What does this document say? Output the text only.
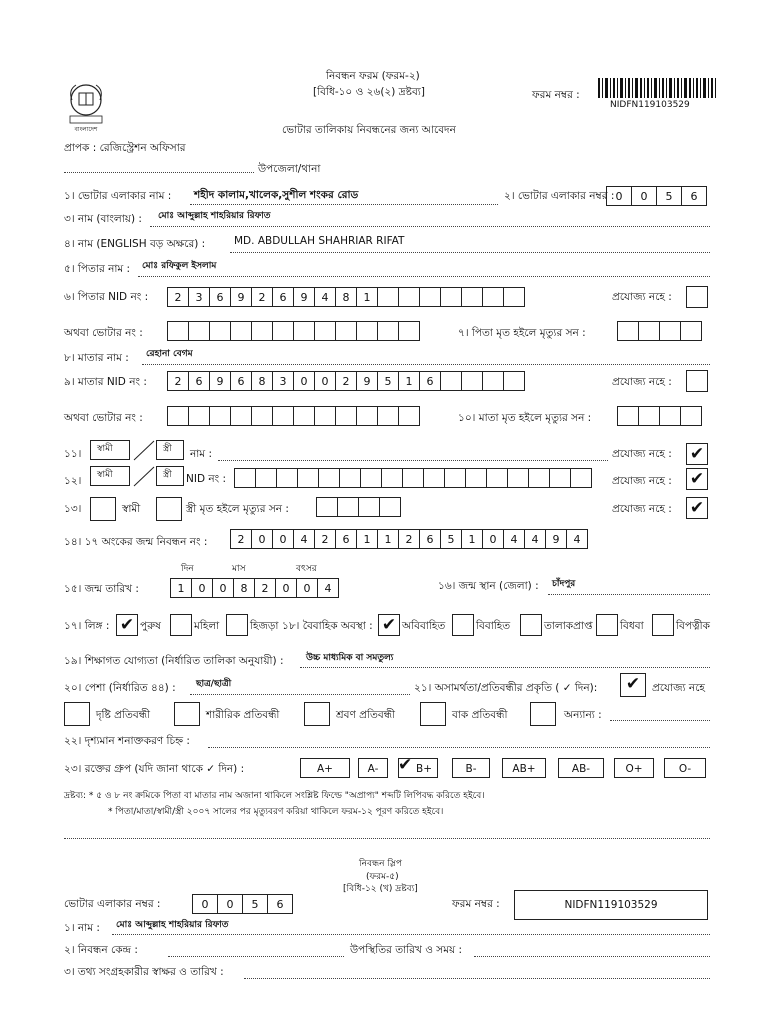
বাংলাদেশ
নিবন্ধন ফরম (ফরম-২)
[বিধি-১০ ও ২৬(২) দ্রষ্টব্য]	ফরম নম্বর :
NIDFN119103529
ভোটার তালিকায় নিবন্ধনের জন্য আবেদন
প্রাপক : রেজিস্ট্রেশন অফিসার
উপজেলা/থানা
১। ভোটার এলাকার নাম : শহীদ কালাম,খালেক,সুশীল শংকর রোড	২। ভোটার এলাকার নম্বর : 0	0	5	6
৩। নাম (বাংলায়) : মোঃ আব্দুল্লাহ শাহরিয়ার রিফাত
৪। নাম (ENGLISH বড় অক্ষরে) :	MD. ABDULLAH SHAHRIAR RIFAT
৫। পিতার নাম : মোঃ রফিকুল ইসলাম
৬। পিতার NID নং :	2	3	6	9	2	6	9	4	8	1	প্রযোজ্য নহে :
অথবা ভোটার নং :	৭। পিতা মৃত হইলে মৃত্যুর সন :
৮। মাতার নাম : রেহানা বেগম
৯। মাতার NID নং :	2	6	9	6	8	3	0	0	2	9	5	1	6	প্রযোজ্য নহে :
অথবা ভোটার নং :	১০। মাতা মৃত হইলে মৃত্যুর সন :
১১। স্বামী	স্ত্রী নাম :	প্রযোজ্য নহে : ✔
১২। স্বামী	স্ত্রী NID নং :	প্রযোজ্য নহে : ✔
১৩।	স্বামী	স্ত্রী মৃত হইলে মৃত্যুর সন :	প্রযোজ্য নহে : ✔
১৪। ১৭ অংকের জন্ম নিবন্ধন নং :	2	0	0	4	2	6	1	1	2	6	5	1	0	4	4	9	4
দিন	মাস	বৎসর
১৫। জন্ম তারিখ :	1	0	0	8	2	0	0	4	১৬। জন্ম স্থান (জেলা) : চাঁদপুর
১৭। লিঙ্গ : ✔ পুরুষ	মহিলা	হিজড়া ১৮। বৈবাহিক অবস্থা : ✔ অবিবাহিত	বিবাহিত	তালাকপ্রাপ্ত	বিধবা	বিপত্নীক
১৯। শিক্ষাগত যোগ্যতা (নির্ধারিত তালিকা অনুযায়ী) : উচ্চ মাধ্যমিক বা সমতুল্য
২০। পেশা (নির্ধারিত ৪৪) : ছাত্র/ছাত্রী	২১। অসামর্থতা/প্রতিবন্ধীর প্রকৃতি ( ✓ দিন):	✔	প্রযোজ্য নহে
দৃষ্টি প্রতিবন্ধী	শারীরিক প্রতিবন্ধী	শ্রবণ প্রতিবন্ধী	বাক প্রতিবন্ধী	অন্যান্য :
২২। দৃশ্যমান শনাক্তকরণ চিহ্ন :
২৩। রক্তের গ্রুপ (যদি জানা থাকে ✓ দিন) :	A+	A-	✔ B+	B-	AB+	AB-	O+	O-
দ্রষ্টব্য: * ৫ ও ৮ নং ক্রমিকে পিতা বা মাতার নাম অজানা থাকিলে সংশ্লিষ্ট ফিল্ডে "অপ্রাপ্য" শব্দটি লিপিবদ্ধ করিতে হইবে।
* পিতা/মাতা/স্বামী/স্ত্রী ২০০৭ সালের পর মৃত্যুবরণ করিয়া থাকিলে ফরম-১২ পূরণ করিতে হইবে।
নিবন্ধন স্লিপ
(ফরম-৫)
[বিধি-১২ (খ) দ্রষ্টব্য]
ভোটার এলাকার নম্বর :	0	0	5	6	ফরম নম্বর :	NIDFN119103529
১। নাম : মোঃ আব্দুল্লাহ শাহরিয়ার রিফাত
২। নিবন্ধন কেন্দ্র :	উপস্থিতির তারিখ ও সময় :
৩। তথ্য সংগ্রহকারীর স্বাক্ষর ও তারিখ :
